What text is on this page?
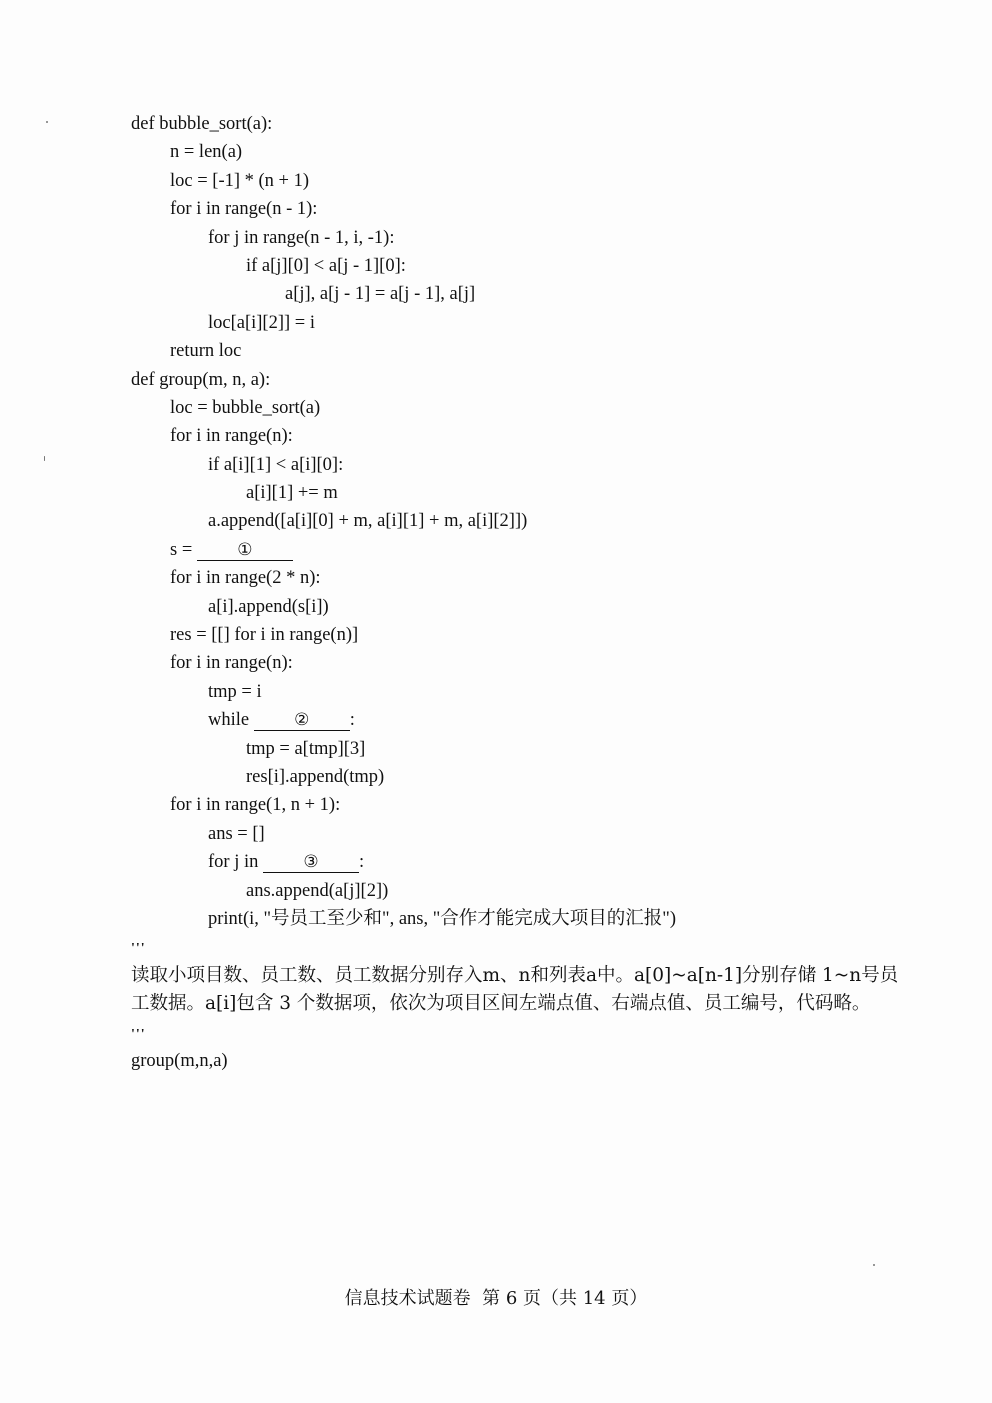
def bubble_sort(a):
n = len(a)
loc = [-1] * (n + 1)
for i in range(n - 1):
for j in range(n - 1, i, -1):
if a[j][0] < a[j - 1][0]:
a[j], a[j - 1] = a[j - 1], a[j]
loc[a[i][2]] = i
return loc
def group(m, n, a):
loc = bubble_sort(a)
for i in range(n):
if a[i][1] < a[i][0]:
a[i][1] += m
a.append([a[i][0] + m, a[i][1] + m, a[i][2]])
s = ①
for i in range(2 * n):
a[i].append(s[i])
res = [[] for i in range(n)]
for i in range(n):
tmp = i
while ② :
tmp = a[tmp][3]
res[i].append(tmp)
for i in range(1, n + 1):
ans = []
for j in ③ :
ans.append(a[j][2])
print(i, "号员工至少和", ans, "合作才能完成大项目的汇报")
'''
读取小项目数、员工数、员工数据分别存入m、n和列表a中。a[0]~a[n-1]分别存储 1~n号员
工数据。a[i]包含 3 个数据项，依次为项目区间左端点值、右端点值、员工编号，代码略。
'''
group(m,n,a)
信息技术试题卷  第 6 页（共 14 页）
